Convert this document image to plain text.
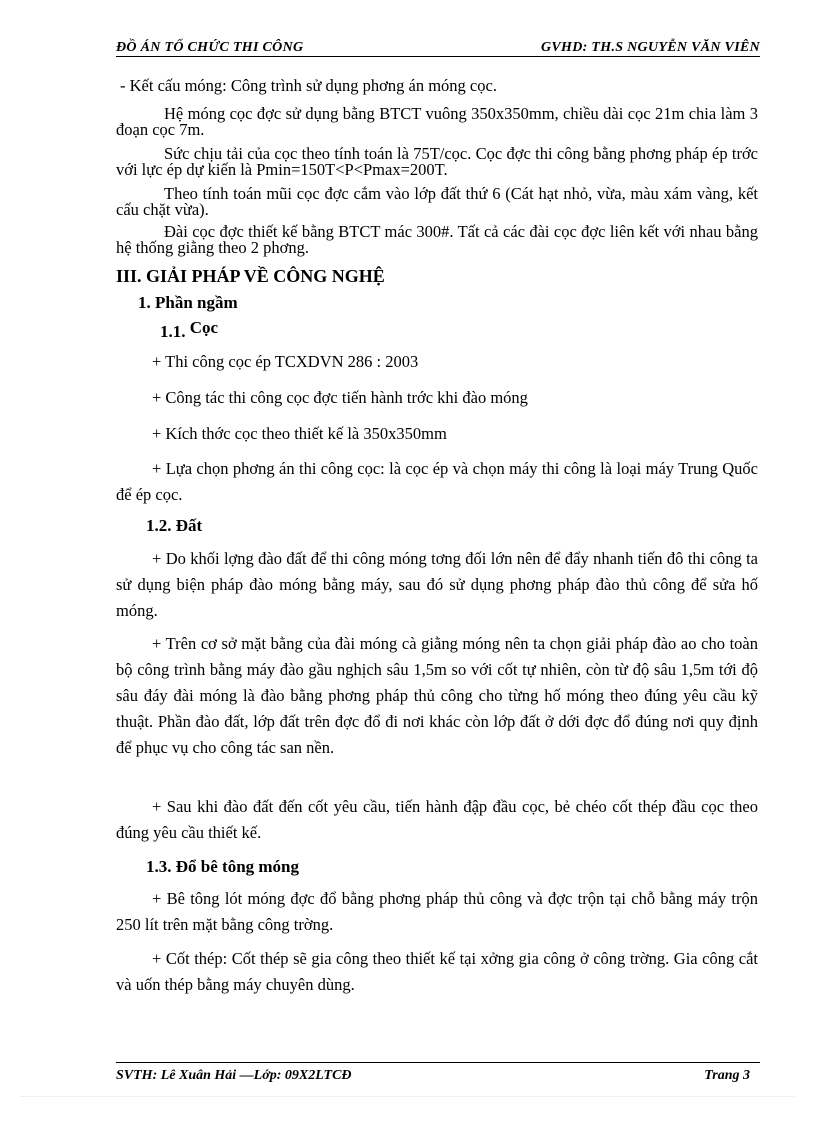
ĐỒ ÁN TỔ CHỨC THI CÔNG	GVHD: TH.S NGUYỄN VĂN VIÊN

- Kết cấu móng: Công trình sử dụng phơng án móng cọc.

Hệ móng cọc đợc sử dụng bằng BTCT vuông 350x350mm, chiều dài cọc 21m chia làm 3 đoạn cọc 7m.

Sức chịu tải của cọc theo tính toán là 75T/cọc. Cọc đợc thi công bằng phơng pháp ép trớc với lực ép dự kiến là Pmin=150T<P<Pmax=200T.

Theo tính toán mũi cọc đợc cắm vào lớp đất thứ 6 (Cát hạt nhỏ, vừa, màu xám vàng, kết cấu chặt vừa).

Đài cọc đợc thiết kế bằng BTCT mác 300#. Tất cả các đài cọc đợc liên kết với nhau bằng hệ thống giằng theo 2 phơng.

III. GIẢI PHÁP VỀ CÔNG NGHỆ
1. Phần ngầm
1.1. Cọc
+ Thi công cọc ép TCXDVN 286 : 2003
+ Công tác thi công cọc đợc tiến hành trớc khi đào móng
+ Kích thớc cọc theo thiết kế là 350x350mm

+ Lựa chọn phơng án thi công cọc: là cọc ép và chọn máy thi công là loại máy Trung Quốc để ép cọc.

1.2. Đất

+ Do khối lợng đào đất để thi công móng tơng đối lớn nên để đẩy nhanh tiến đô thi công ta sử dụng biện pháp đào móng bằng máy, sau đó sử dụng phơng pháp đào thủ công để sửa hố móng.

+ Trên cơ sở mặt bằng của đài móng cà giằng móng nên ta chọn giải pháp đào ao cho toàn bộ công trình bằng máy đào gầu nghịch sâu 1,5m so với cốt tự nhiên, còn từ độ sâu 1,5m tới độ sâu đáy đài móng là đào bằng phơng pháp thủ công cho từng hố móng theo đúng yêu cầu kỹ thuật. Phần đào đất, lớp đất trên đợc đổ đi nơi khác còn lớp đất ở dới đợc đổ đúng nơi quy định để phục vụ cho công tác san nền.

+ Sau khi đào đất đến cốt yêu cầu, tiến hành đập đầu cọc, bẻ chéo cốt thép đầu cọc theo đúng yêu cầu thiết kế.

1.3. Đổ bê tông móng

+ Bê tông lót móng đợc đổ bằng phơng pháp thủ công và đợc trộn tại chỗ bằng máy trộn 250 lít trên mặt bằng công trờng.

+ Cốt thép: Cốt thép sẽ gia công theo thiết kế tại xởng gia công ở công trờng. Gia công cắt và uốn thép bằng máy chuyên dùng.

SVTH: Lê Xuân Hải —Lớp: 09X2LTCĐ	Trang 3
